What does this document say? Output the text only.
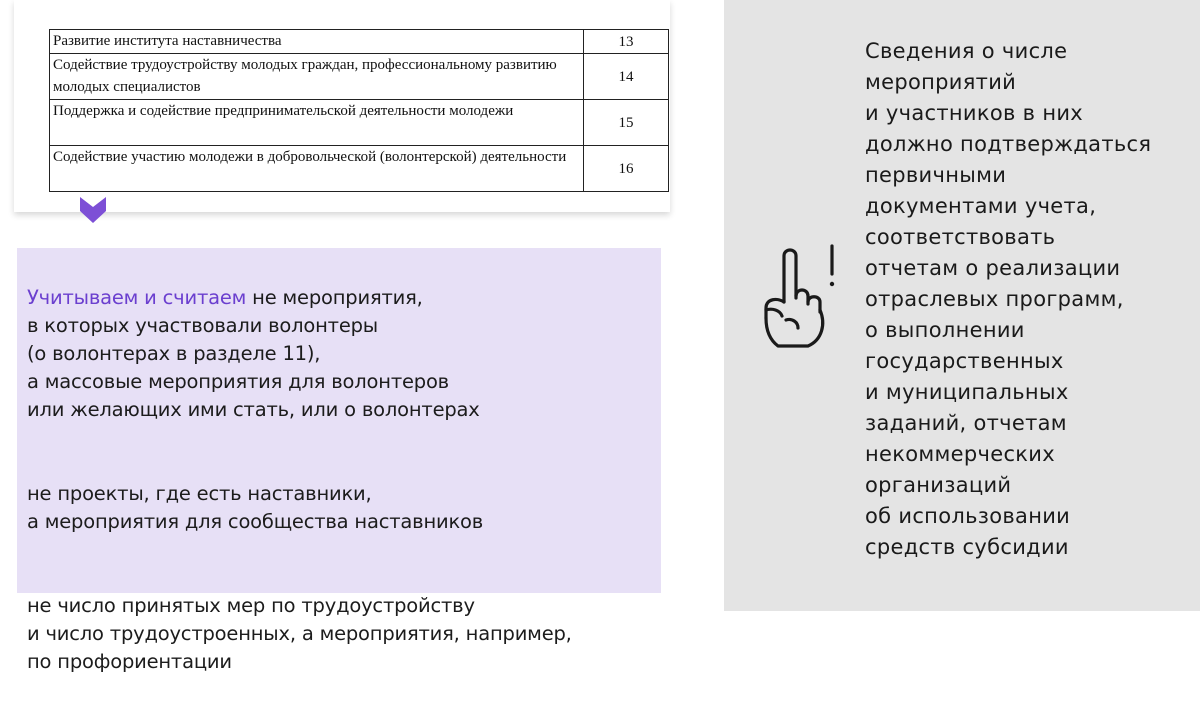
Развитие института наставничества	13
Содействие трудоустройству молодых граждан, профессиональному развитию молодых специалистов	14
Поддержка и содействие предпринимательской деятельности молодежи	15
Содействие участию молодежи в добровольческой (волонтерской) деятельности	16

Учитываем и считаем не мероприятия,
в которых участвовали волонтеры
(о волонтерах в разделе 11),
а массовые мероприятия для волонтеров
или желающих ими стать, или о волонтерах

не проекты, где есть наставники,
а мероприятия для сообщества наставников

не число принятых мер по трудоустройству
и число трудоустроенных, а мероприятия, например,
по профориентации

Сведения о числе
мероприятий
и участников в них
должно подтверждаться
первичными
документами учета,
соответствовать
отчетам о реализации
отраслевых программ,
о выполнении
государственных
и муниципальных
заданий, отчетам
некоммерческих
организаций
об использовании
средств субсидии
